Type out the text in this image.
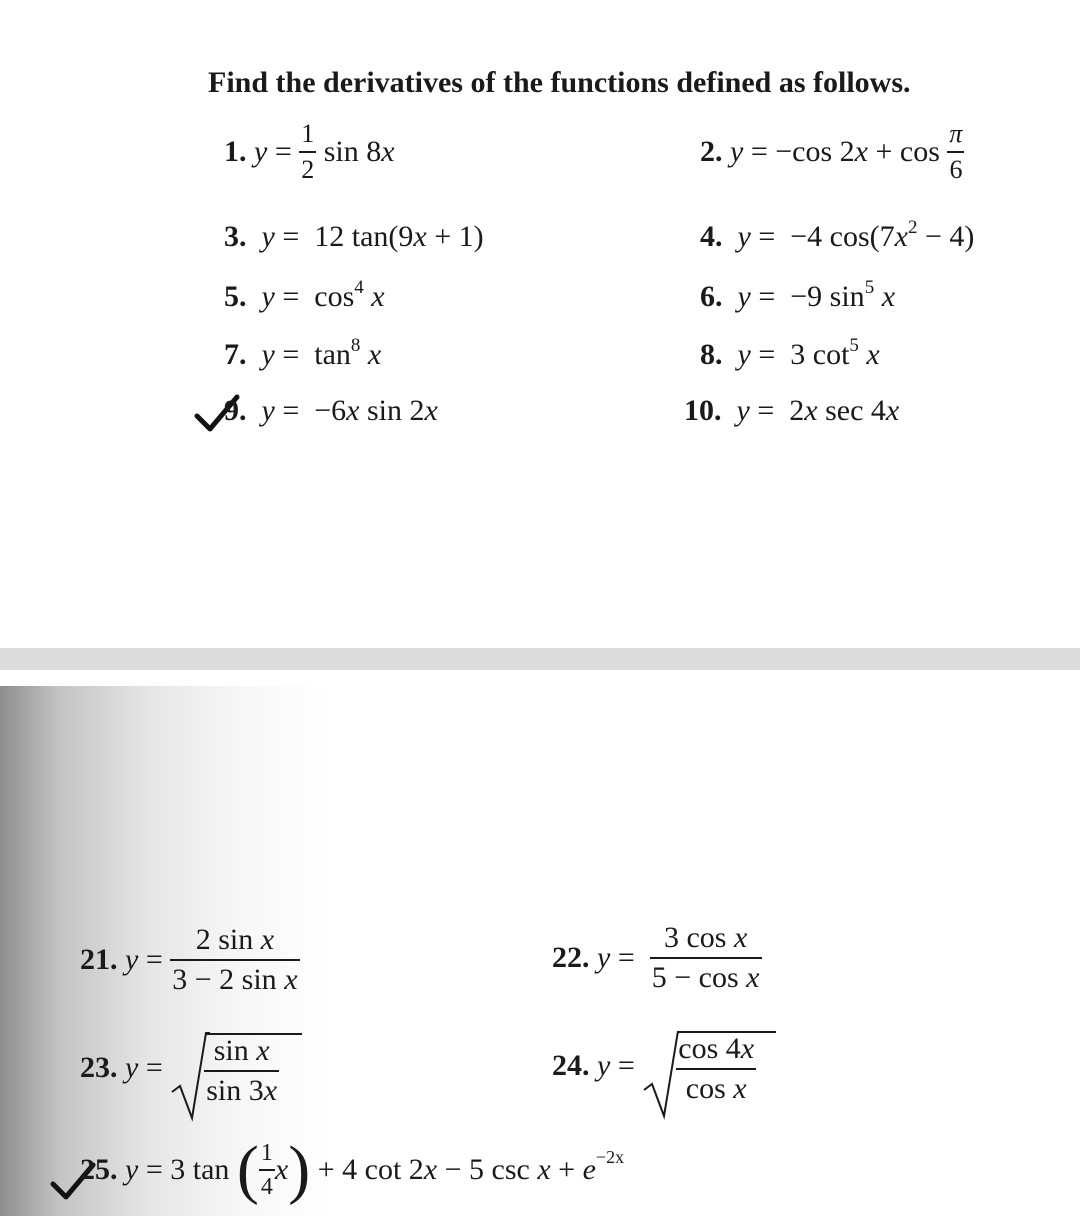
Find the derivatives of the functions defined as follows.
1.
y
=
$\frac{1}{2}$
sin 8 x	2.
y
=
−cos 2 x
+ cos
$\frac{\pi}{6}$
3. y = 12 tan(9x + 1)	4. y = −4 $\cos(7x^2 - 4)$
5. $y = \cos^4 x$	6. y = −9 $\sin^5 x$
7. $y = \tan^8 x$	8. y = 3 $\cot^5 x$
9. y = −6x sin 2x	10. y = 2x sec 4x
21.
y
=
$\frac{\text{2 sin x}}{\text{3 − 2 sin x}}$	22.
y
=
$\frac{\text{3 cos x}}{\text{5 − cos x}}$
23.
y
=
$\frac{\text{sin x}}{\sin 3x}$	24.
y
=
$\frac{\cos 4x}{\text{cos x}}$
25.
y
=
3 tan
( $\frac{1}{4}$ x )
+ 4 cot 2 x
− 5 csc
x
+
$e^{-2x}$
